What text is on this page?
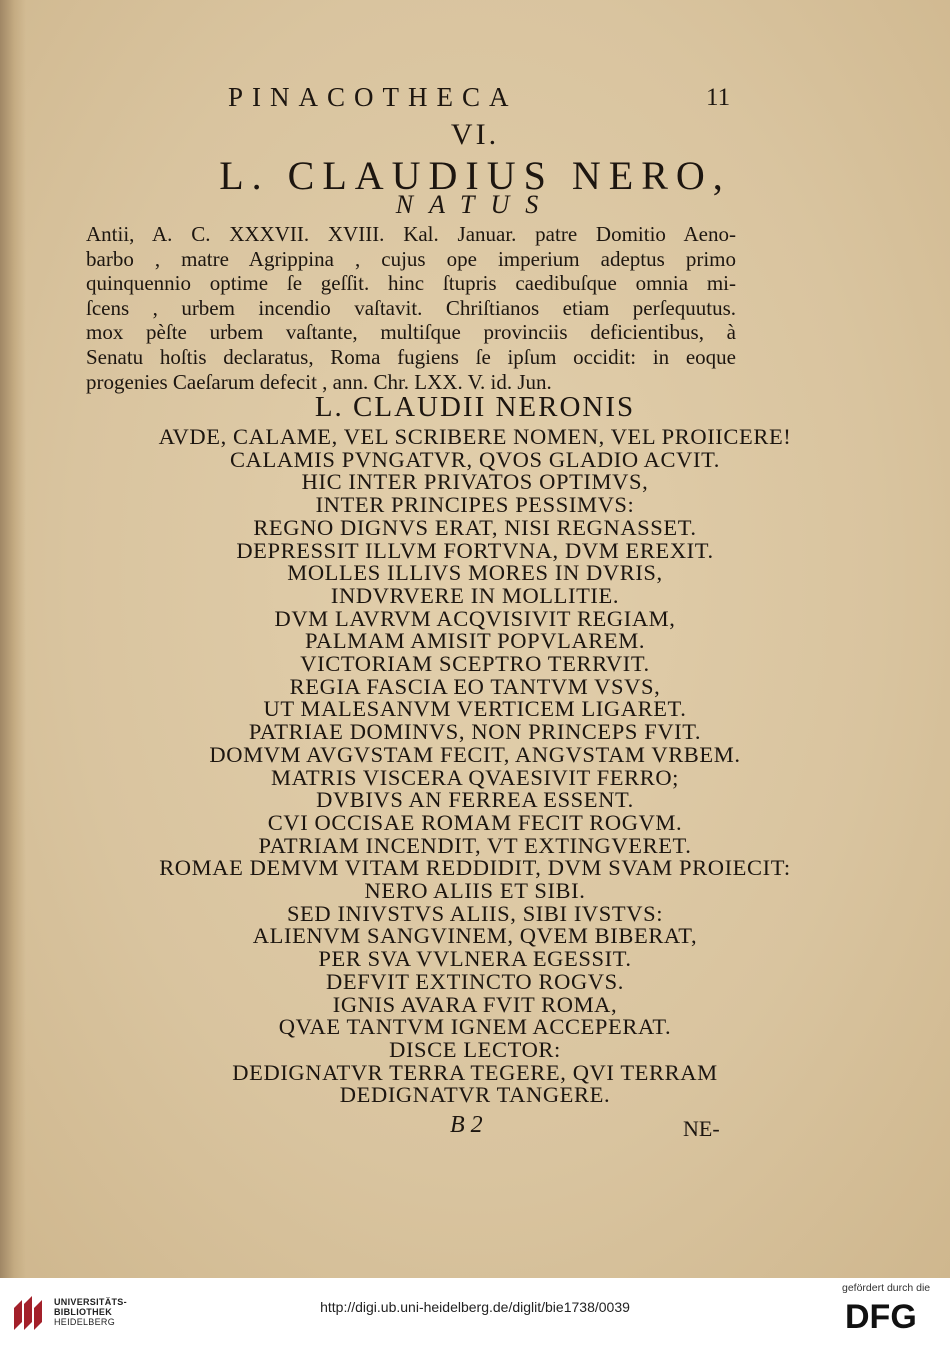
PINACOTHECA	11
VI.
L. CLAUDIUS NERO,
NATUS
Antii, A. C. XXXVII. XVIII. Kal. Januar. patre Domitio Aeno-
barbo , matre Agrippina , cujus ope imperium adeptus primo
quinquennio optime ſe geſſit. hinc ſtupris caedibuſque omnia mi-
ſcens , urbem incendio vaſtavit. Chriſtianos etiam perſequutus.
mox pèſte urbem vaſtante, multiſque provinciis deficientibus, à
Senatu hoſtis declaratus, Roma fugiens ſe ipſum occidit: in eoque
progenies Caeſarum defecit , ann. Chr. LXX. V. id. Jun.
L. CLAUDII NERONIS
AVDE, CALAME, VEL SCRIBERE NOMEN, VEL PROIICERE!
CALAMIS PVNGATVR, QVOS GLADIO ACVIT.
HIC INTER PRIVATOS OPTIMVS,
INTER PRINCIPES PESSIMVS:
REGNO DIGNVS ERAT, NISI REGNASSET.
DEPRESSIT ILLVM FORTVNA, DVM EREXIT.
MOLLES ILLIVS MORES IN DVRIS,
INDVRVERE IN MOLLITIE.
DVM LAVRVM ACQVISIVIT REGIAM,
PALMAM AMISIT POPVLAREM.
VICTORIAM SCEPTRO TERRVIT.
REGIA FASCIA EO TANTVM VSVS,
UT MALESANVM VERTICEM LIGARET.
PATRIAE DOMINVS, NON PRINCEPS FVIT.
DOMVM AVGVSTAM FECIT, ANGVSTAM VRBEM.
MATRIS VISCERA QVAESIVIT FERRO;
DVBIVS AN FERREA ESSENT.
CVI OCCISAE ROMAM FECIT ROGVM.
PATRIAM INCENDIT, VT EXTINGVERET.
ROMAE DEMVM VITAM REDDIDIT, DVM SVAM PROIECIT:
NERO ALIIS ET SIBI.
SED INIVSTVS ALIIS, SIBI IVSTVS:
ALIENVM SANGVINEM, QVEM BIBERAT,
PER SVA VVLNERA EGESSIT.
DEFVIT EXTINCTO ROGVS.
IGNIS AVARA FVIT ROMA,
QVAE TANTVM IGNEM ACCEPERAT.
DISCE LECTOR:
DEDIGNATVR TERRA TEGERE, QVI TERRAM
DEDIGNATVR TANGERE.
B 2	NE-
UNIVERSITÄTS-
BIBLIOTHEK
HEIDELBERG
http://digi.ub.uni-heidelberg.de/diglit/bie1738/0039
gefördert durch die
DFG
